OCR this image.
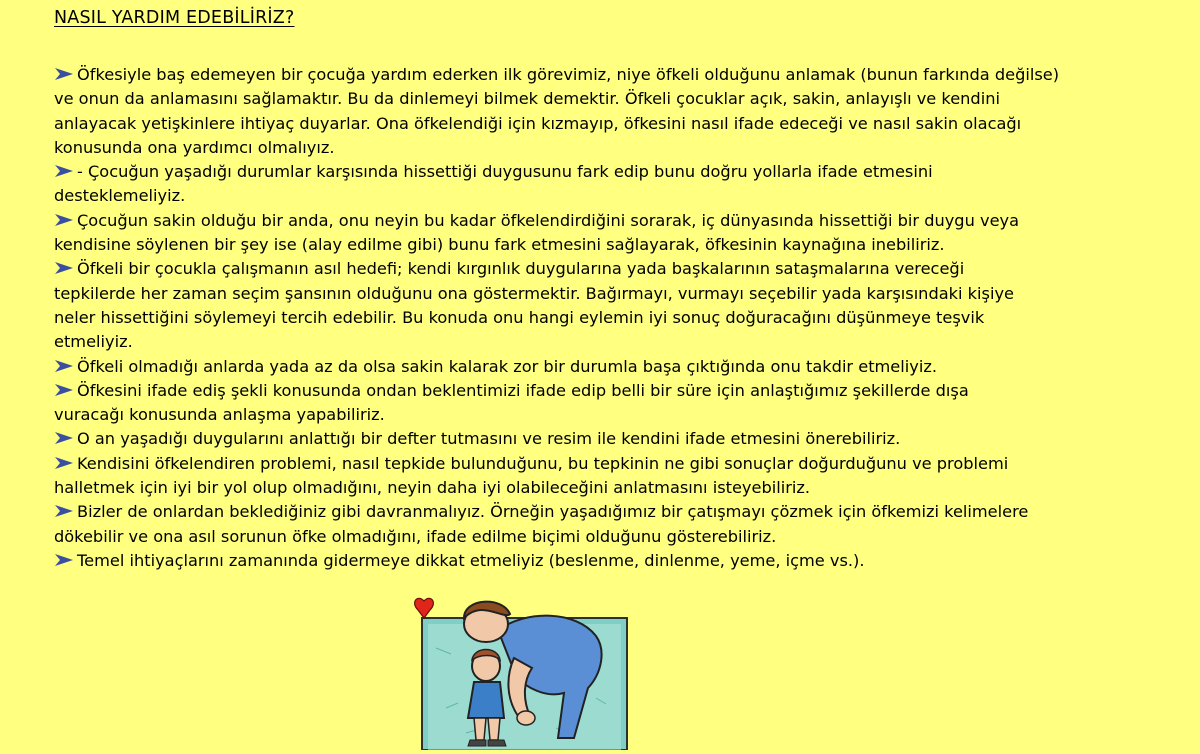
NASIL YARDIM EDEBİLİRİZ?
Öfkesiyle baş edemeyen bir çocuğa yardım ederken ilk görevimiz, niye öfkeli olduğunu anlamak (bunun farkında değilse)
ve onun da anlamasını sağlamaktır. Bu da dinlemeyi bilmek demektir. Öfkeli çocuklar açık, sakin, anlayışlı ve kendini
anlayacak yetişkinlere ihtiyaç duyarlar. Ona öfkelendiği için kızmayıp, öfkesini nasıl ifade edeceği ve nasıl sakin olacağı
konusunda ona yardımcı olmalıyız.
- Çocuğun yaşadığı durumlar karşısında hissettiği duygusunu fark edip bunu doğru yollarla ifade etmesini
desteklemeliyiz.
Çocuğun sakin olduğu bir anda, onu neyin bu kadar öfkelendirdiğini sorarak, iç dünyasında hissettiği bir duygu veya
kendisine söylenen bir şey ise (alay edilme gibi) bunu fark etmesini sağlayarak, öfkesinin kaynağına inebiliriz.
Öfkeli bir çocukla çalışmanın asıl hedefi; kendi kırgınlık duygularına yada başkalarının sataşmalarına vereceği
tepkilerde her zaman seçim şansının olduğunu ona göstermektir. Bağırmayı, vurmayı seçebilir yada karşısındaki kişiye
neler hissettiğini söylemeyi tercih edebilir. Bu konuda onu hangi eylemin iyi sonuç doğuracağını düşünmeye teşvik
etmeliyiz.
Öfkeli olmadığı anlarda yada az da olsa sakin kalarak zor bir durumla başa çıktığında onu takdir etmeliyiz.
Öfkesini ifade ediş şekli konusunda ondan beklentimizi ifade edip belli bir süre için anlaştığımız şekillerde dışa
vuracağı konusunda anlaşma yapabiliriz.
O an yaşadığı duygularını anlattığı bir defter tutmasını ve resim ile kendini ifade etmesini önerebiliriz.
Kendisini öfkelendiren problemi, nasıl tepkide bulunduğunu, bu tepkinin ne gibi sonuçlar doğurduğunu ve problemi
halletmek için iyi bir yol olup olmadığını, neyin daha iyi olabileceğini anlatmasını isteyebiliriz.
Bizler de onlardan beklediğiniz gibi davranmalıyız. Örneğin yaşadığımız bir çatışmayı çözmek için öfkemizi kelimelere
dökebilir ve ona asıl sorunun öfke olmadığını, ifade edilme biçimi olduğunu gösterebiliriz.
Temel ihtiyaçlarını zamanında gidermeye dikkat etmeliyiz (beslenme, dinlenme, yeme, içme vs.).
